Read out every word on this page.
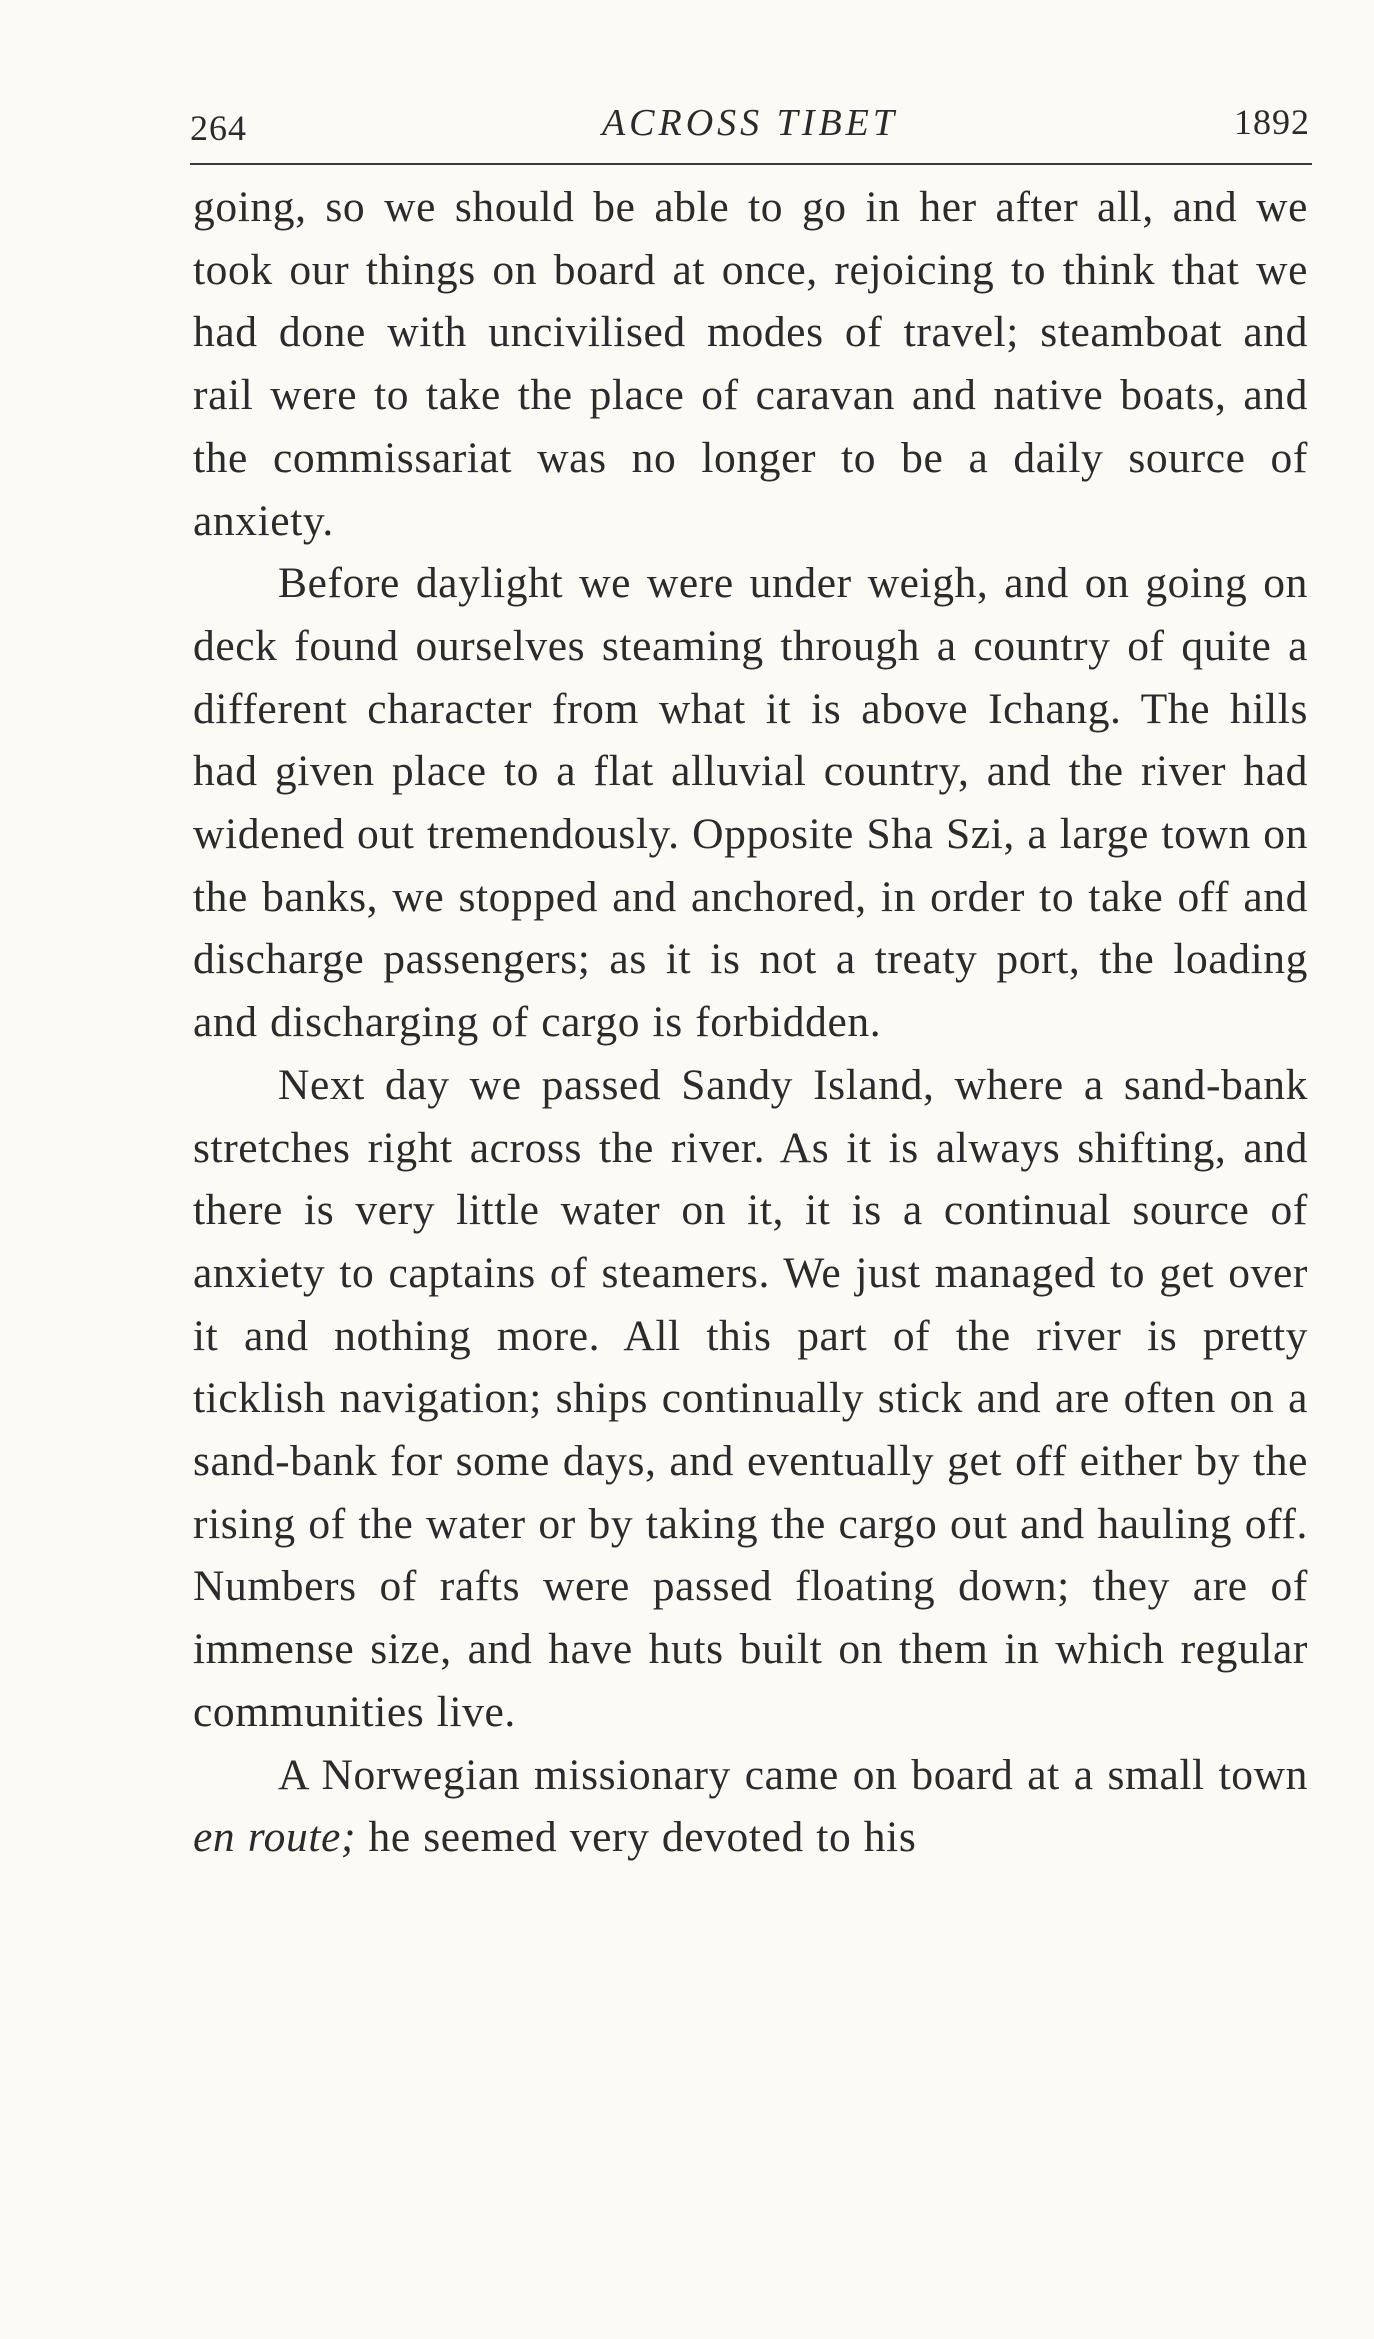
264	ACROSS TIBET	1892

going, so we should be able to go in her after all, and we took our things on board at once, rejoicing to think that we had done with uncivilised modes of travel; steamboat and rail were to take the place of caravan and native boats, and the commissariat was no longer to be a daily source of anxiety.

Before daylight we were under weigh, and on going on deck found ourselves steaming through a country of quite a different character from what it is above Ichang. The hills had given place to a flat alluvial country, and the river had widened out tremendously. Opposite Sha Szi, a large town on the banks, we stopped and anchored, in order to take off and discharge passengers; as it is not a treaty port, the loading and discharging of cargo is forbidden.

Next day we passed Sandy Island, where a sand-bank stretches right across the river. As it is always shifting, and there is very little water on it, it is a continual source of anxiety to captains of steamers. We just managed to get over it and nothing more. All this part of the river is pretty ticklish navigation; ships continually stick and are often on a sand-bank for some days, and eventually get off either by the rising of the water or by taking the cargo out and hauling off. Numbers of rafts were passed floating down; they are of immense size, and have huts built on them in which regular communities live.

A Norwegian missionary came on board at a small town en route; he seemed very devoted to his
